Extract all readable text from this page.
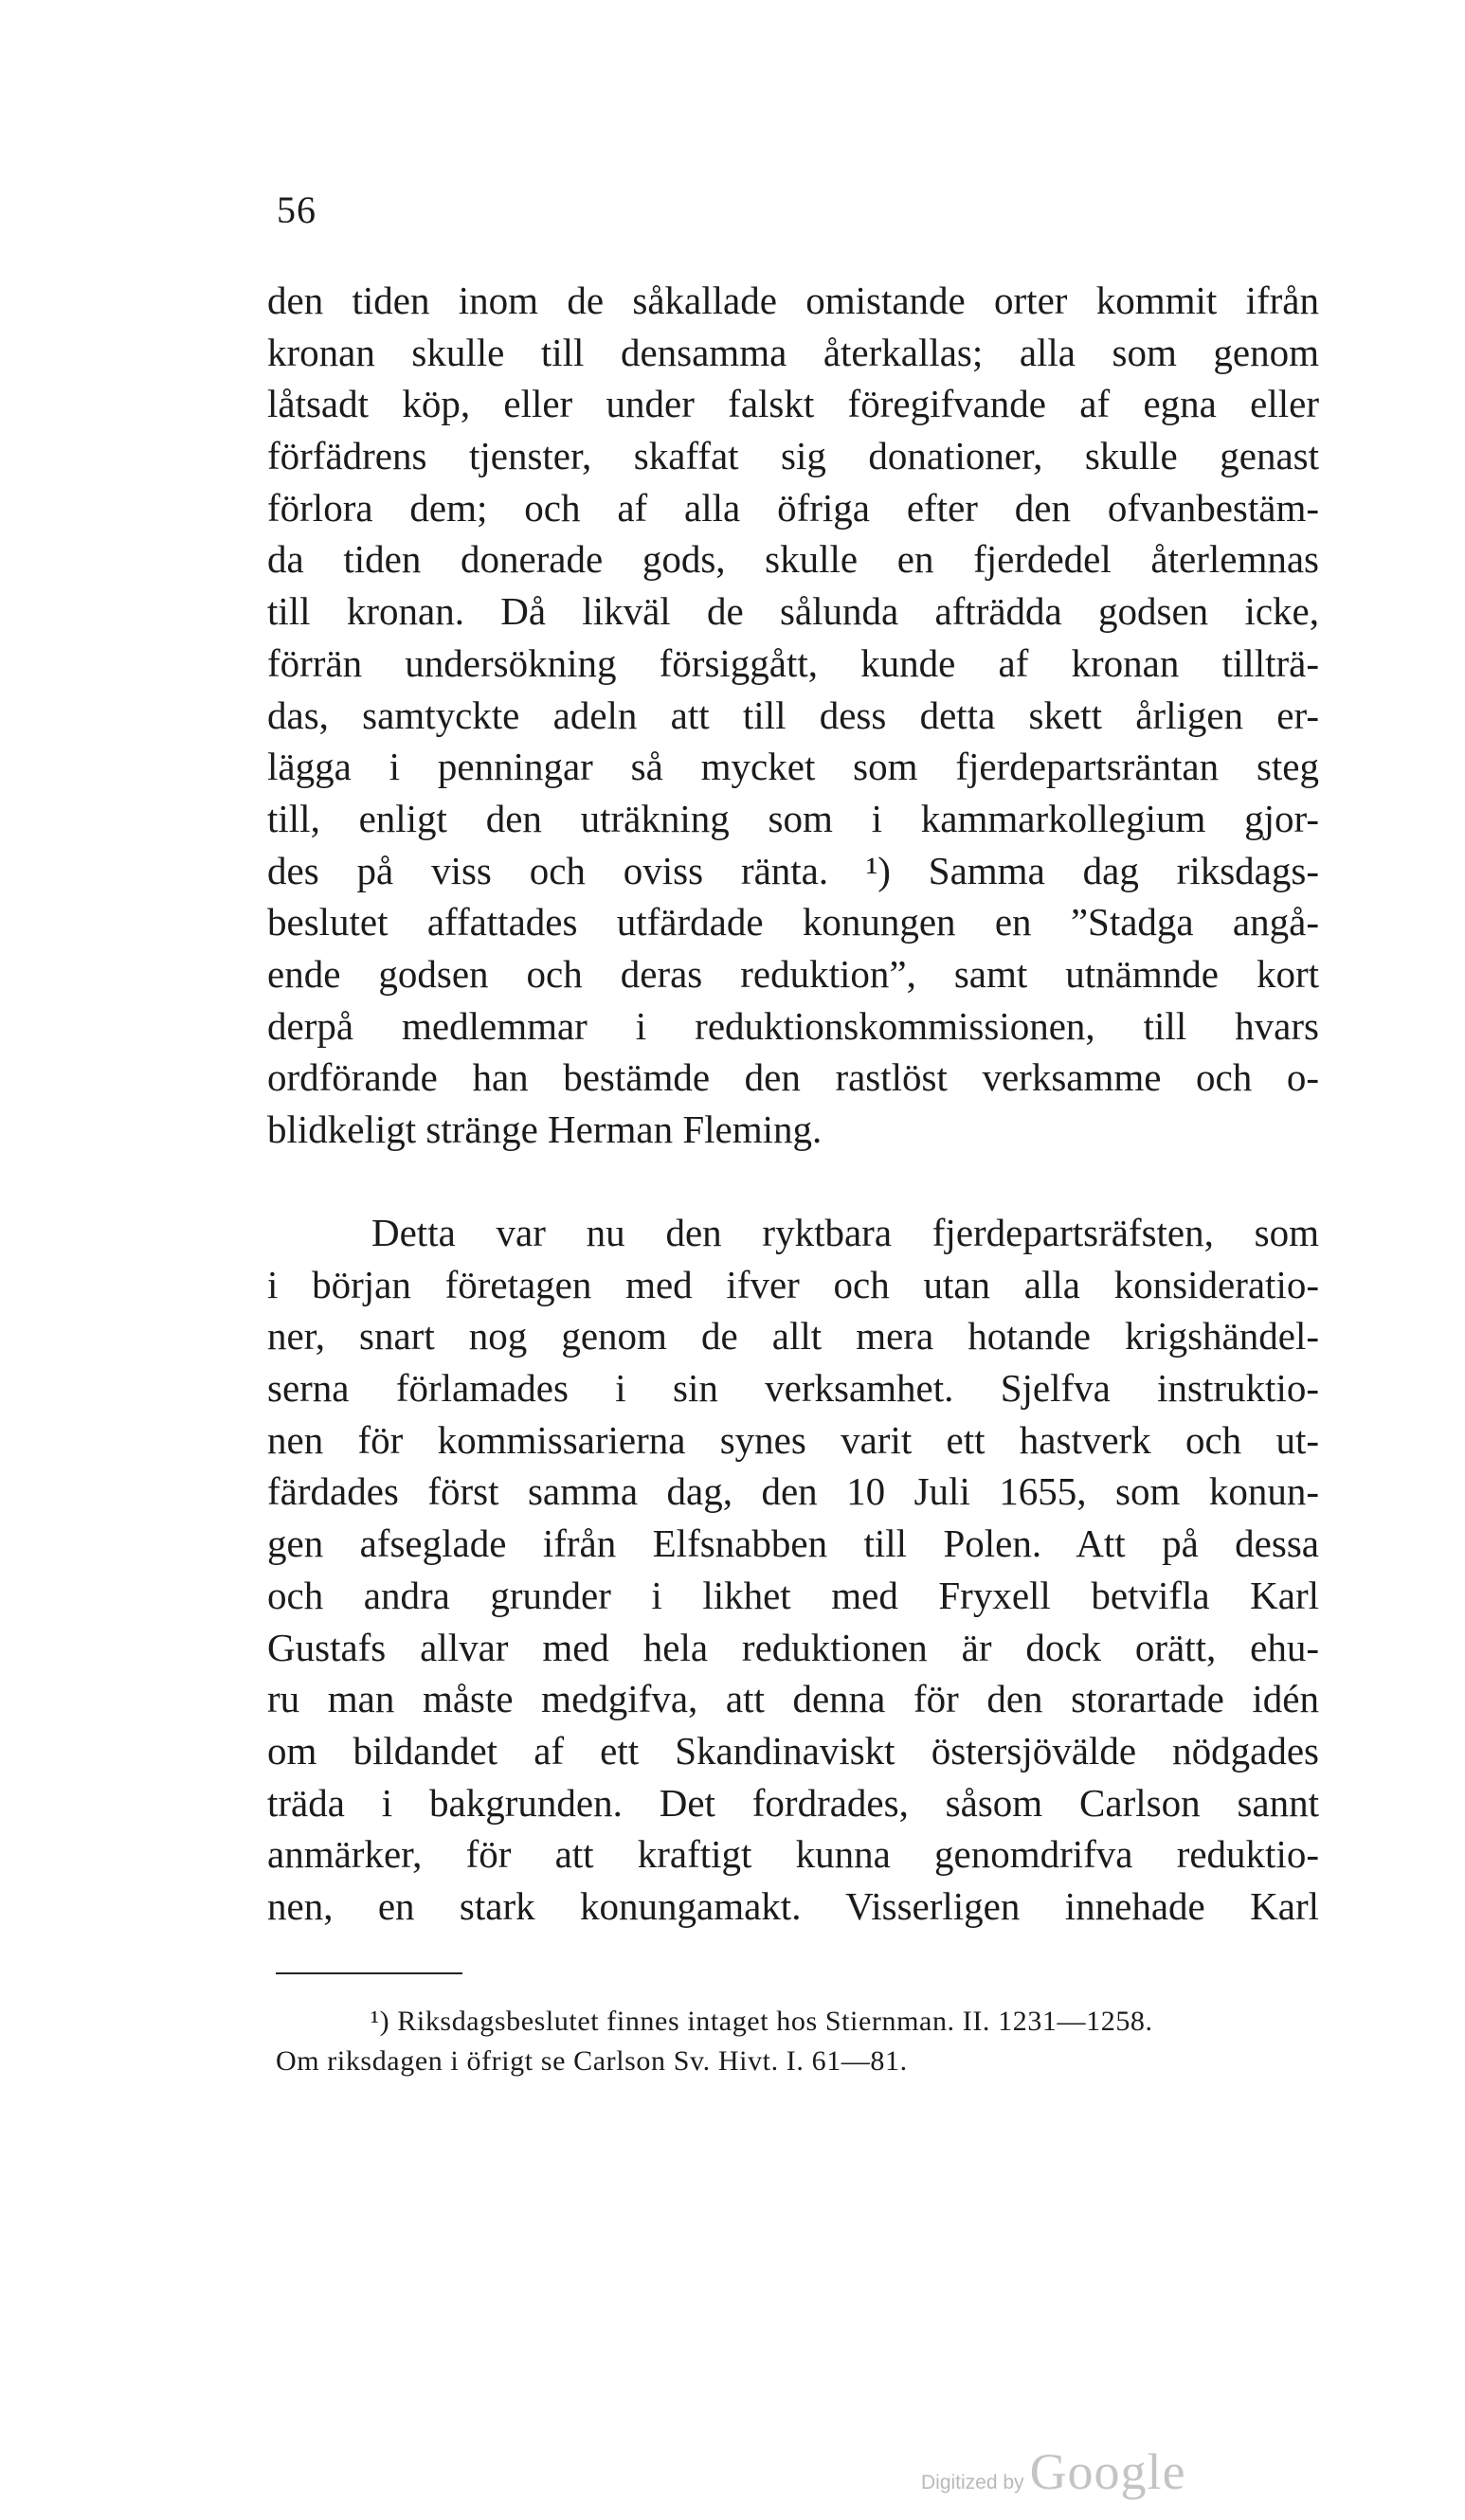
56
den tiden inom de såkallade omistande orter kommit ifrån
kronan skulle till densamma återkallas; alla som genom
låtsadt köp, eller under falskt föregifvande af egna eller
förfädrens tjenster, skaffat sig donationer, skulle genast
förlora dem; och af alla öfriga efter den ofvanbestäm-
da tiden donerade gods, skulle en fjerdedel återlemnas
till kronan. Då likväl de sålunda afträdda godsen icke,
förrän undersökning försiggått, kunde af kronan tillträ-
das, samtyckte adeln att till dess detta skett årligen er-
lägga i penningar så mycket som fjerdepartsräntan steg
till, enligt den uträkning som i kammarkollegium gjor-
des på viss och oviss ränta. ¹) Samma dag riksdags-
beslutet affattades utfärdade konungen en ”Stadga angå-
ende godsen och deras reduktion”, samt utnämnde kort
derpå medlemmar i reduktionskommissionen, till hvars
ordförande han bestämde den rastlöst verksamme och o-
blidkeligt stränge Herman Fleming.
Detta var nu den ryktbara fjerdepartsräfsten, som
i början företagen med ifver och utan alla konsideratio-
ner, snart nog genom de allt mera hotande krigshändel-
serna förlamades i sin verksamhet. Sjelfva instruktio-
nen för kommissarierna synes varit ett hastverk och ut-
färdades först samma dag, den 10 Juli 1655, som konun-
gen afseglade ifrån Elfsnabben till Polen. Att på dessa
och andra grunder i likhet med Fryxell betvifla Karl
Gustafs allvar med hela reduktionen är dock orätt, ehu-
ru man måste medgifva, att denna för den storartade idén
om bildandet af ett Skandinaviskt östersjövälde nödgades
träda i bakgrunden. Det fordrades, såsom Carlson sannt
anmärker, för att kraftigt kunna genomdrifva reduktio-
nen, en stark konungamakt. Visserligen innehade Karl
¹) Riksdagsbeslutet finnes intaget hos Stiernman. II. 1231—1258.
Om riksdagen i öfrigt se Carlson Sv. Hivt. I. 61—81.
Digitized by Google
